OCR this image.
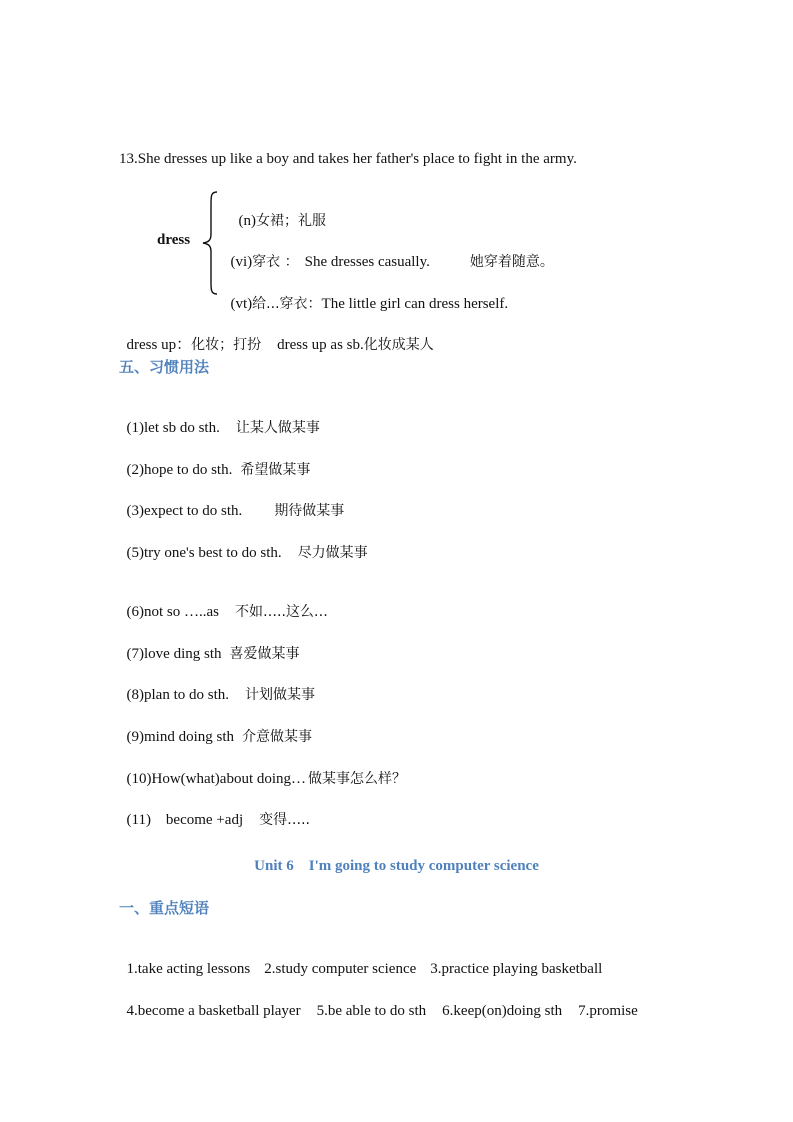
13.She dresses up like a boy and takes her father's place to fight in the army.
dress

(n)女裙；礼服

(vi)穿衣 ： She dresses casually.	她穿着随意。

(vt)给...穿衣：The little girl can dress herself.

dress up：化妆；打扮 dress up as sb.化妆成某人

五、习惯用法

(1)let sb do sth. 让某人做某事

(2)hope to do sth. 希望做某事

(3)expect to do sth. 期待做某事

(5)try one's best to do sth. 尽力做某事

(6)not so …..as 不如…..这么…

(7)love ding sth 喜爱做某事

(8)plan to do sth. 计划做某事

(9)mind doing sth 介意做某事

(10)How(what)about doing… 做某事怎么样？

(11)    become +adj 变得…..

Unit 6    I'm going to study computer science
一、重点短语

1.take acting lessons 2.study computer science 3.practice playing basketball

4.become a basketball player 5.be able to do sth 6.keep(on)doing sth 7.promise
